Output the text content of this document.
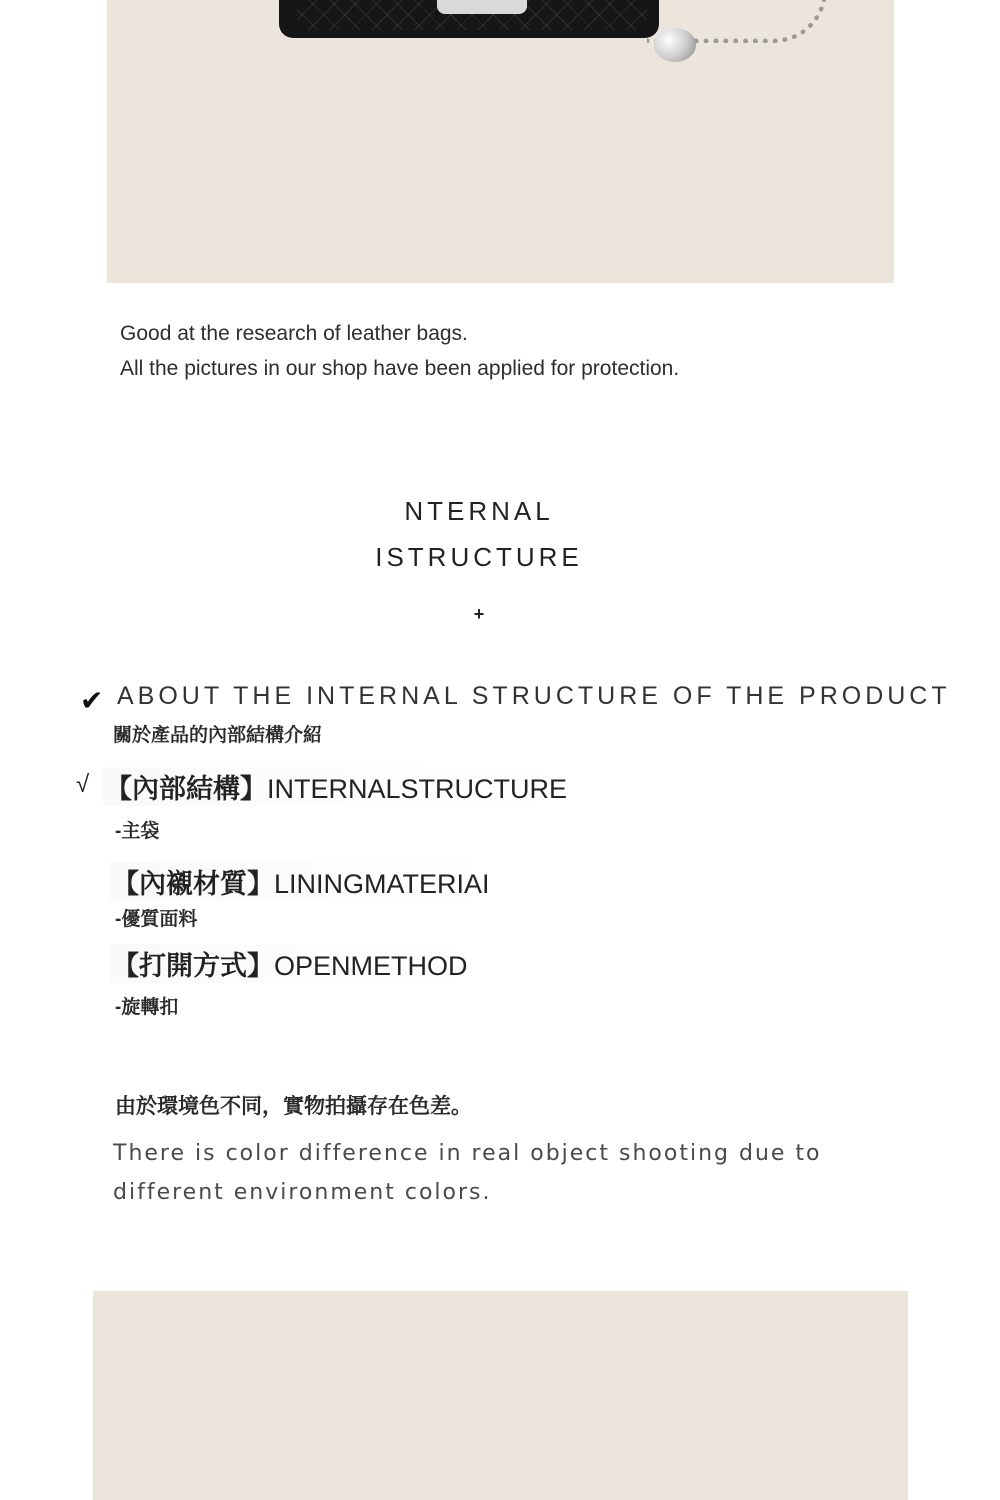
Good at the research of leather bags.
All the pictures in our shop have been applied for protection.
NTERNAL
ISTRUCTURE
+
✔ ABOUT THE INTERNAL STRUCTURE OF THE PRODUCT
關於產品的內部結構介紹
√ 【內部結構】INTERNALSTRUCTURE
-主袋
【內襯材質】LININGMATERIAI
-優質面料
【打開方式】OPENMETHOD
-旋轉扣
由於環境色不同，實物拍攝存在色差。
There is color difference in real object shooting due to different environment colors.
